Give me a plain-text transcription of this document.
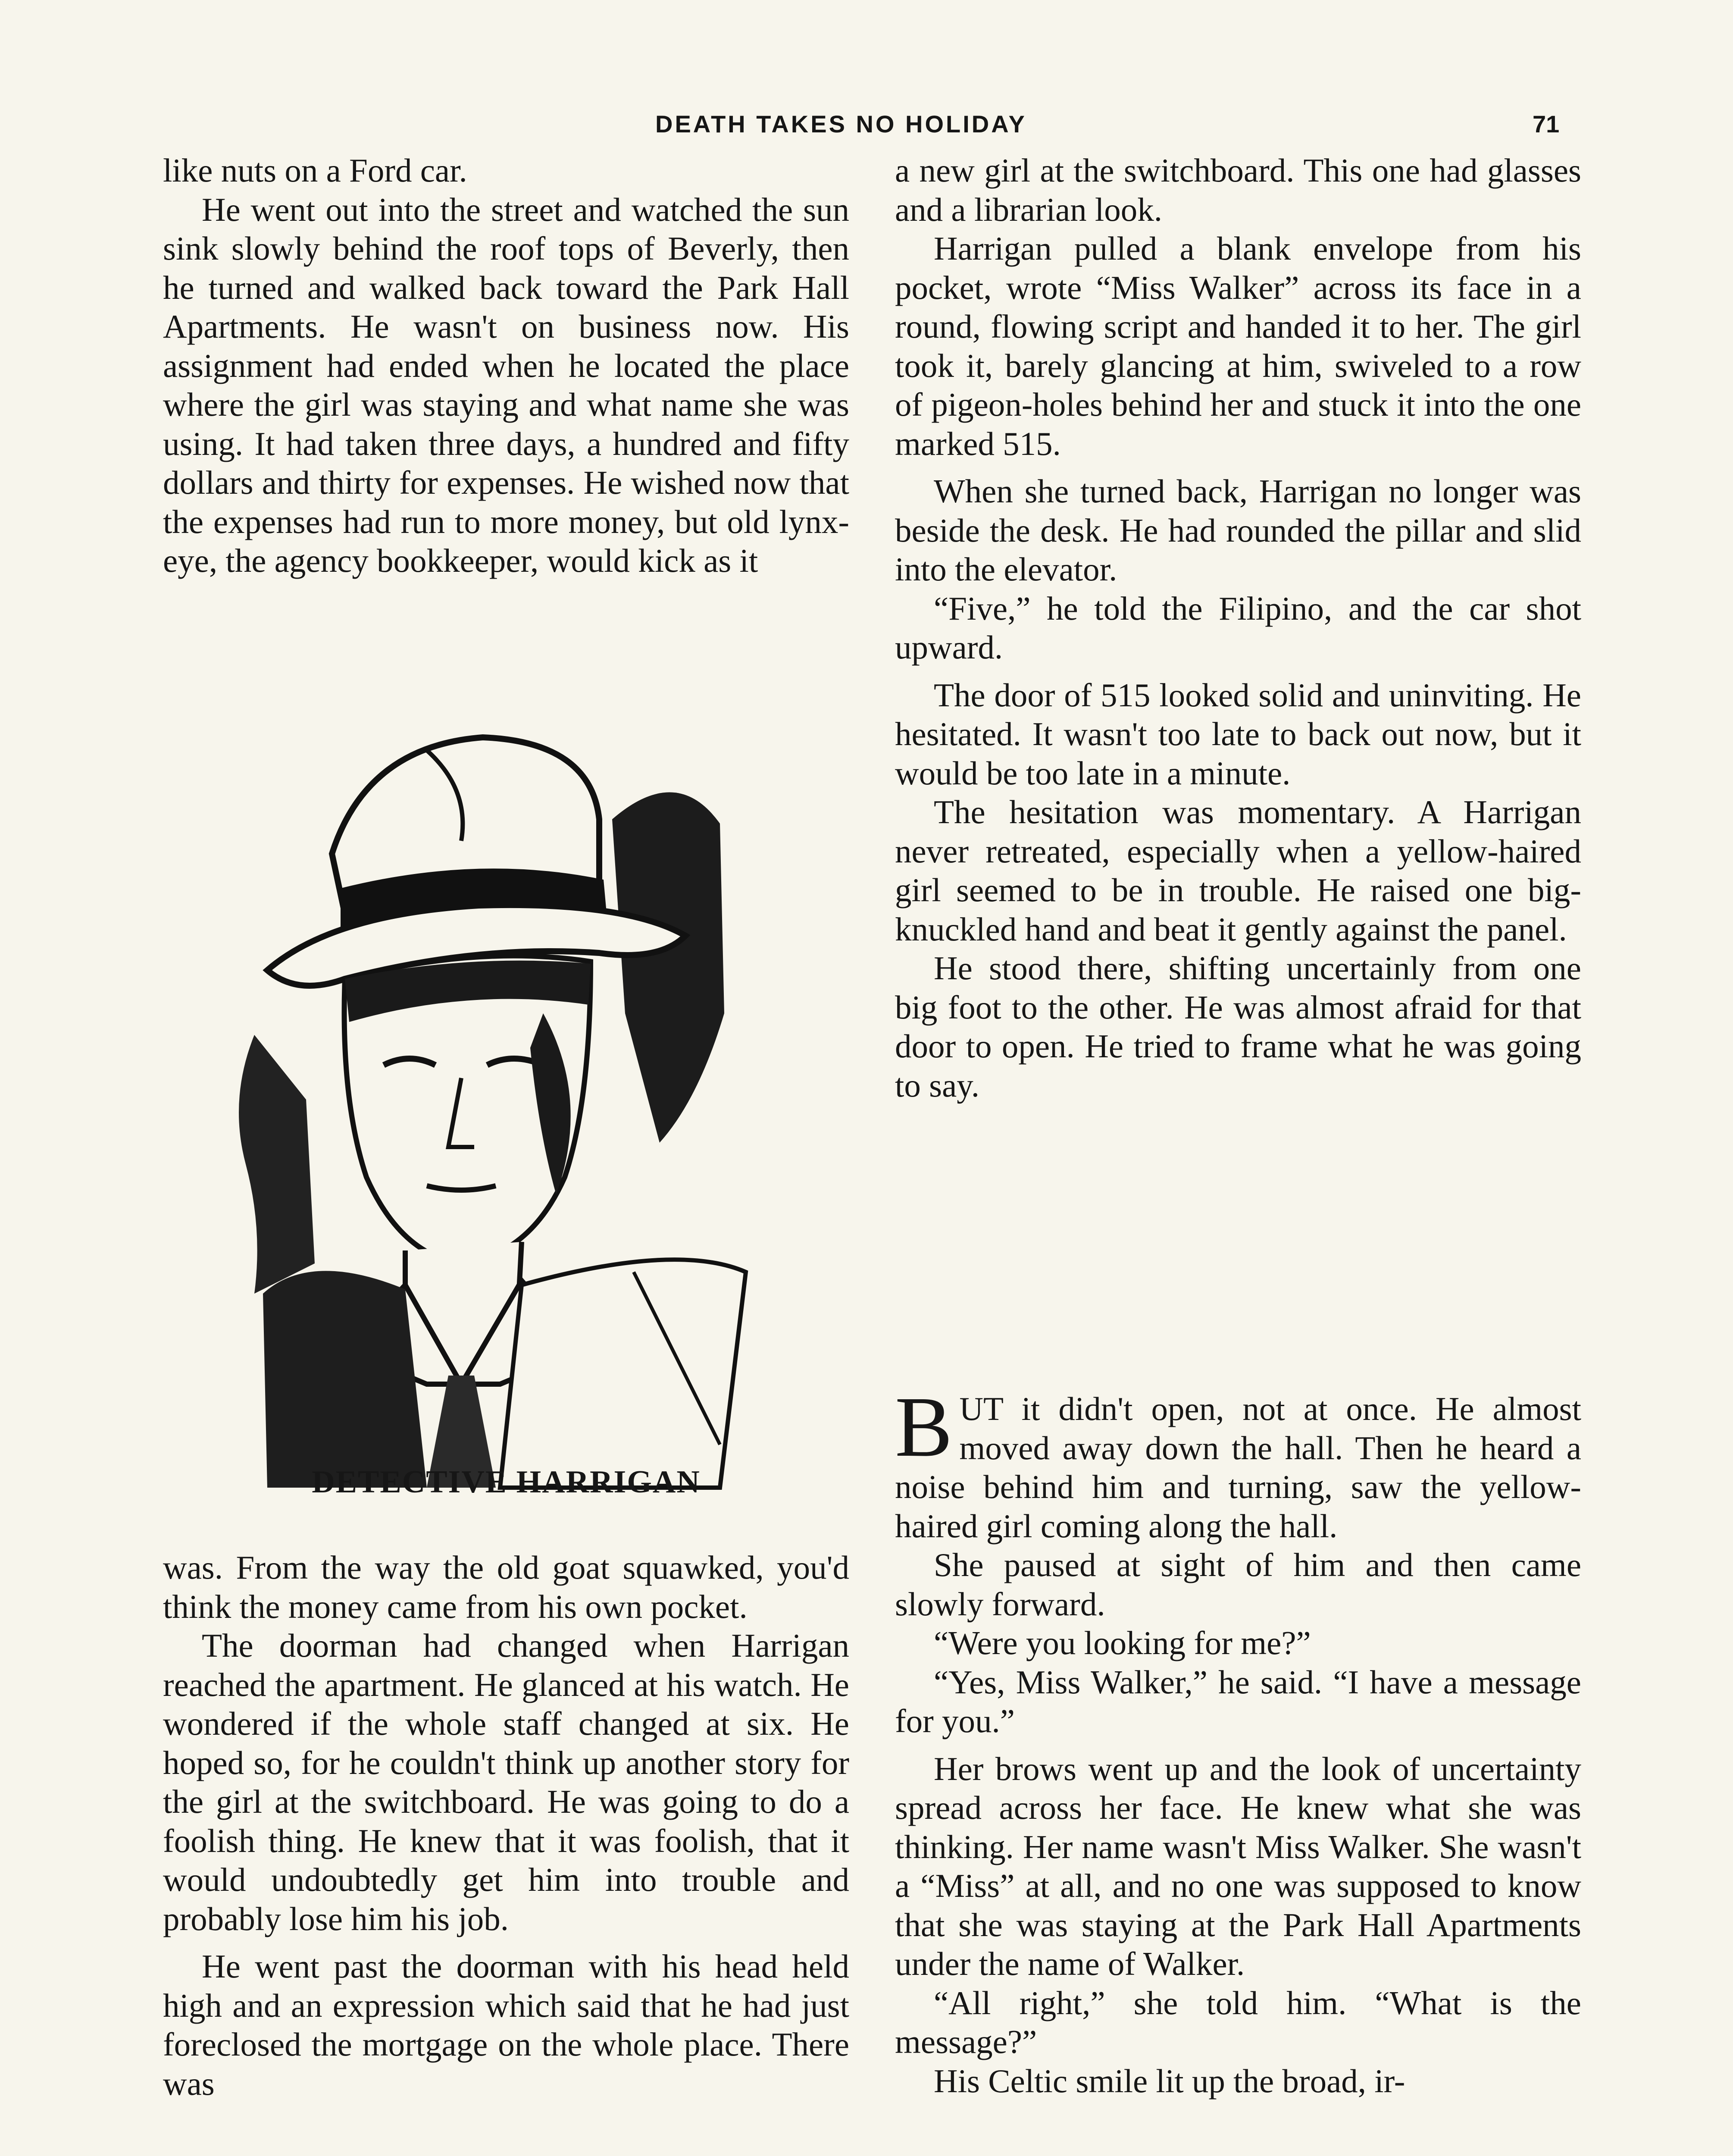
DEATH TAKES NO HOLIDAY	71

like nuts on a Ford car.

He went out into the street and watched the sun sink slowly behind the roof tops of Beverly, then he turned and walked back toward the Park Hall Apartments. He wasn't on business now. His assignment had ended when he located the place where the girl was staying and what name she was using. It had taken three days, a hundred and fifty dollars and thirty for expenses. He wished now that the expenses had run to more money, but old lynx-eye, the agency bookkeeper, would kick as it

DETECTIVE HARRIGAN

was. From the way the old goat squawked, you'd think the money came from his own pocket.

The doorman had changed when Harrigan reached the apartment. He glanced at his watch. He wondered if the whole staff changed at six. He hoped so, for he couldn't think up another story for the girl at the switchboard. He was going to do a foolish thing. He knew that it was foolish, that it would undoubtedly get him into trouble and probably lose him his job.

He went past the doorman with his head held high and an expression which said that he had just foreclosed the mortgage on the whole place. There was

a new girl at the switchboard. This one had glasses and a librarian look.

Harrigan pulled a blank envelope from his pocket, wrote “Miss Walker” across its face in a round, flowing script and handed it to her. The girl took it, barely glancing at him, swiveled to a row of pigeon-holes behind her and stuck it into the one marked 515.

When she turned back, Harrigan no longer was beside the desk. He had rounded the pillar and slid into the elevator.

“Five,” he told the Filipino, and the car shot upward.

The door of 515 looked solid and uninviting. He hesitated. It wasn't too late to back out now, but it would be too late in a minute.

The hesitation was momentary. A Harrigan never retreated, especially when a yellow-haired girl seemed to be in trouble. He raised one big-knuckled hand and beat it gently against the panel.

He stood there, shifting uncertainly from one big foot to the other. He was almost afraid for that door to open. He tried to frame what he was going to say.

BUT it didn't open, not at once. He almost moved away down the hall. Then he heard a noise behind him and turning, saw the yellow-haired girl coming along the hall.

She paused at sight of him and then came slowly forward.

“Were you looking for me?”

“Yes, Miss Walker,” he said. “I have a message for you.”

Her brows went up and the look of uncertainty spread across her face. He knew what she was thinking. Her name wasn't Miss Walker. She wasn't a “Miss” at all, and no one was supposed to know that she was staying at the Park Hall Apartments under the name of Walker.

“All right,” she told him. “What is the message?”

His Celtic smile lit up the broad, ir-
